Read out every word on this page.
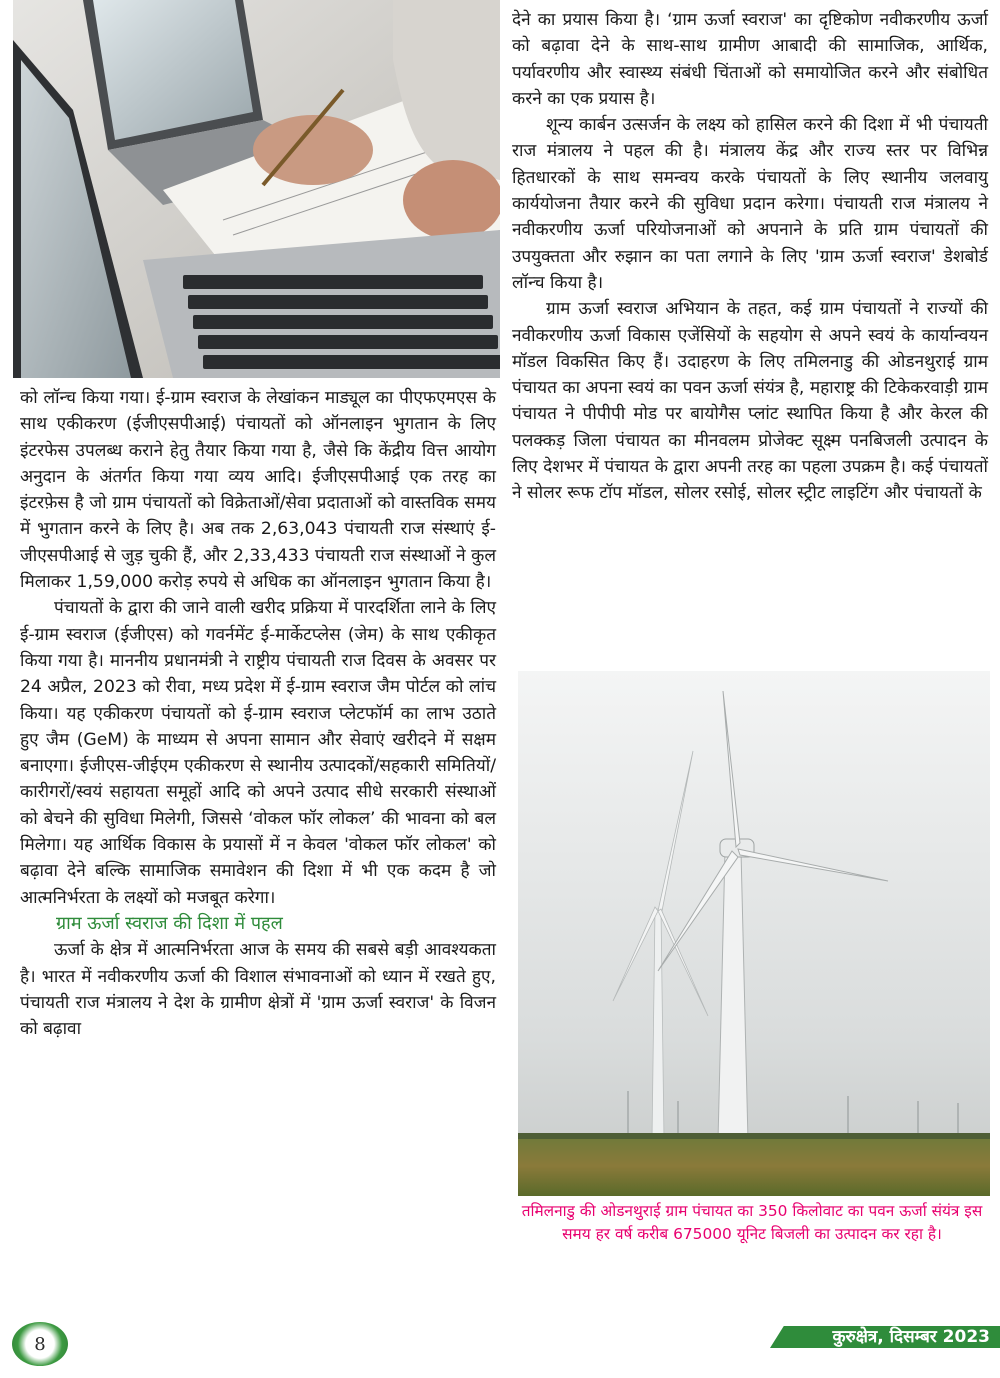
को लॉन्च किया गया। ई-ग्राम स्वराज के लेखांकन माड्यूल का पीएफएमएस के साथ एकीकरण (ईजीएसपीआई) पंचायतों को ऑनलाइन भुगतान के लिए इंटरफेस उपलब्ध कराने हेतु तैयार किया गया है, जैसे कि केंद्रीय वित्त आयोग अनुदान के अंतर्गत किया गया व्यय आदि। ईजीएसपीआई एक तरह का इंटरफ़ेस है जो ग्राम पंचायतों को विक्रेताओं/सेवा प्रदाताओं को वास्तविक समय में भुगतान करने के लिए है। अब तक 2,63,043 पंचायती राज संस्थाएं ई-जीएसपीआई से जुड़ चुकी हैं, और 2,33,433 पंचायती राज संस्थाओं ने कुल मिलाकर 1,59,000 करोड़ रुपये से अधिक का ऑनलाइन भुगतान किया है।

पंचायतों के द्वारा की जाने वाली खरीद प्रक्रिया में पारदर्शिता लाने के लिए ई-ग्राम स्वराज (ईजीएस) को गवर्नमेंट ई-मार्केटप्लेस (जेम) के साथ एकीकृत किया गया है। माननीय प्रधानमंत्री ने राष्ट्रीय पंचायती राज दिवस के अवसर पर 24 अप्रैल, 2023 को रीवा, मध्य प्रदेश में ई-ग्राम स्वराज जैम पोर्टल को लांच किया। यह एकीकरण पंचायतों को ई-ग्राम स्वराज प्लेटफॉर्म का लाभ उठाते हुए जैम (GeM) के माध्यम से अपना सामान और सेवाएं खरीदने में सक्षम बनाएगा। ईजीएस-जीईएम एकीकरण से स्थानीय उत्पादकों/सहकारी समितियों/कारीगरों/स्वयं सहायता समूहों आदि को अपने उत्पाद सीधे सरकारी संस्थाओं को बेचने की सुविधा मिलेगी, जिससे ‘वोकल फॉर लोकल’ की भावना को बल मिलेगा। यह आर्थिक विकास के प्रयासों में न केवल 'वोकल फॉर लोकल' को बढ़ावा देने बल्कि सामाजिक समावेशन की दिशा में भी एक कदम है जो आत्मनिर्भरता के लक्ष्यों को मजबूत करेगा।

ग्राम ऊर्जा स्वराज की दिशा में पहल

ऊर्जा के क्षेत्र में आत्मनिर्भरता आज के समय की सबसे बड़ी आवश्यकता है। भारत में नवीकरणीय ऊर्जा की विशाल संभावनाओं को ध्यान में रखते हुए, पंचायती राज मंत्रालय ने देश के ग्रामीण क्षेत्रों में 'ग्राम ऊर्जा स्वराज' के विजन को बढ़ावा

देने का प्रयास किया है। ‘ग्राम ऊर्जा स्वराज' का दृष्टिकोण नवीकरणीय ऊर्जा को बढ़ावा देने के साथ-साथ ग्रामीण आबादी की सामाजिक, आर्थिक, पर्यावरणीय और स्वास्थ्य संबंधी चिंताओं को समायोजित करने और संबोधित करने का एक प्रयास है।

शून्य कार्बन उत्सर्जन के लक्ष्य को हासिल करने की दिशा में भी पंचायती राज मंत्रालय ने पहल की है। मंत्रालय केंद्र और राज्य स्तर पर विभिन्न हितधारकों के साथ समन्वय करके पंचायतों के लिए स्थानीय जलवायु कार्ययोजना तैयार करने की सुविधा प्रदान करेगा। पंचायती राज मंत्रालय ने नवीकरणीय ऊर्जा परियोजनाओं को अपनाने के प्रति ग्राम पंचायतों की उपयुक्तता और रुझान का पता लगाने के लिए 'ग्राम ऊर्जा स्वराज' डेशबोर्ड लॉन्च किया है।

ग्राम ऊर्जा स्वराज अभियान के तहत, कई ग्राम पंचायतों ने राज्यों की नवीकरणीय ऊर्जा विकास एजेंसियों के सहयोग से अपने स्वयं के कार्यान्वयन मॉडल विकसित किए हैं। उदाहरण के लिए तमिलनाडु की ओडनथुराई ग्राम पंचायत का अपना स्वयं का पवन ऊर्जा संयंत्र है, महाराष्ट्र की टिकेकरवाड़ी ग्राम पंचायत ने पीपीपी मोड पर बायोगैस प्लांट स्थापित किया है और केरल की पलक्कड़ जिला पंचायत का मीनवलम प्रोजेक्ट सूक्ष्म पनबिजली उत्पादन के लिए देशभर में पंचायत के द्वारा अपनी तरह का पहला उपक्रम है। कई पंचायतों ने सोलर रूफ टॉप मॉडल, सोलर रसोई, सोलर स्ट्रीट लाइटिंग और पंचायतों के

तमिलनाडु की ओडनथुराई ग्राम पंचायत का 350 किलोवाट का पवन ऊर्जा संयंत्र इस समय हर वर्ष करीब 675000 यूनिट बिजली का उत्पादन कर रहा है।
8	कुरुक्षेत्र, दिसम्बर 2023
